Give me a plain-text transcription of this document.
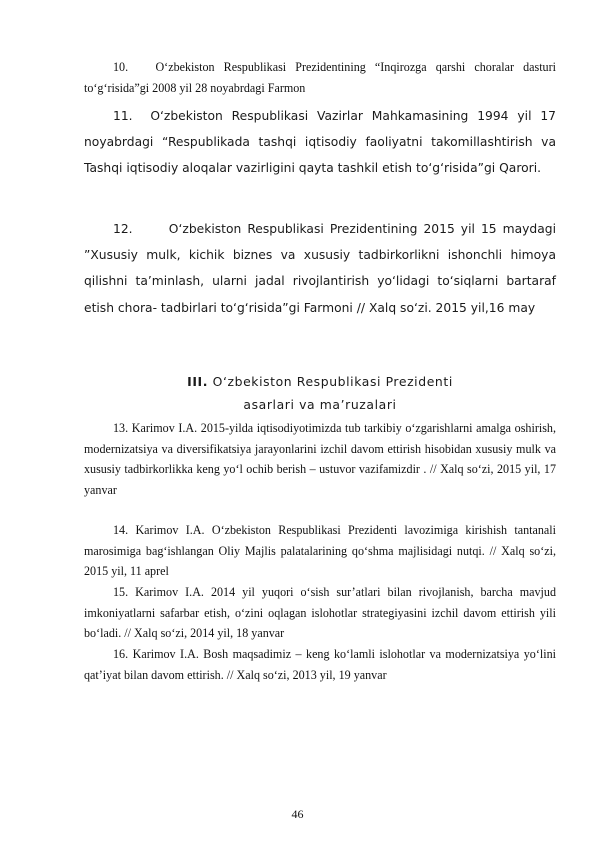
10. O‘zbekiston Respublikasi Prezidentining “Inqirozga qarshi choralar dasturi to‘g‘risida”gi 2008 yil 28 noyabrdagi Farmon

11. O‘zbekiston Respublikasi Vazirlar Mahkamasining 1994 yil 17 noyabrdagi “Respublikada tashqi iqtisodiy faoliyatni takomillashtirish va Tashqi iqtisodiy aloqalar vazirligini qayta tashkil etish to‘g‘risida”gi Qarori.

12.	O‘zbekiston Respublikasi Prezidentining 2015 yil 15 maydagi ”Xususiy mulk, kichik biznes va xususiy tadbirkorlikni ishonchli himoya qilishni ta’minlash, ularni jadal rivojlantirish yo‘lidagi to‘siqlarni bartaraf etish chora- tadbirlari to‘g‘risida”gi Farmoni // Xalq so‘zi. 2015 yil,16 may

III. O‘zbekiston Respublikasi Prezidenti

asarlari va ma’ruzalari

13. Karimov I.A. 2015-yilda iqtisodiyotimizda tub tarkibiy o‘zgarishlarni amalga oshirish, modernizatsiya va diversifikatsiya jarayonlarini izchil davom ettirish hisobidan xususiy mulk va xususiy tadbirkorlikka keng yo‘l ochib berish – ustuvor vazifamizdir . // Xalq so‘zi, 2015 yil, 17 yanvar

14. Karimov I.A. O‘zbekiston Respublikasi Prezidenti lavozimiga kirishish tantanali marosimiga bag‘ishlangan Oliy Majlis palatalarining qo‘shma majlisidagi nutqi. // Xalq so‘zi, 2015 yil, 11 aprel

15. Karimov I.A. 2014 yil yuqori o‘sish sur’atlari bilan rivojlanish, barcha mavjud imkoniyatlarni safarbar etish, o‘zini oqlagan islohotlar strategiyasini izchil davom ettirish yili bo‘ladi. // Xalq so‘zi, 2014 yil, 18 yanvar

16. Karimov I.A. Bosh maqsadimiz – keng ko‘lamli islohotlar va modernizatsiya yo‘lini qat’iyat bilan davom ettirish. // Xalq so‘zi, 2013 yil, 19 yanvar

46
